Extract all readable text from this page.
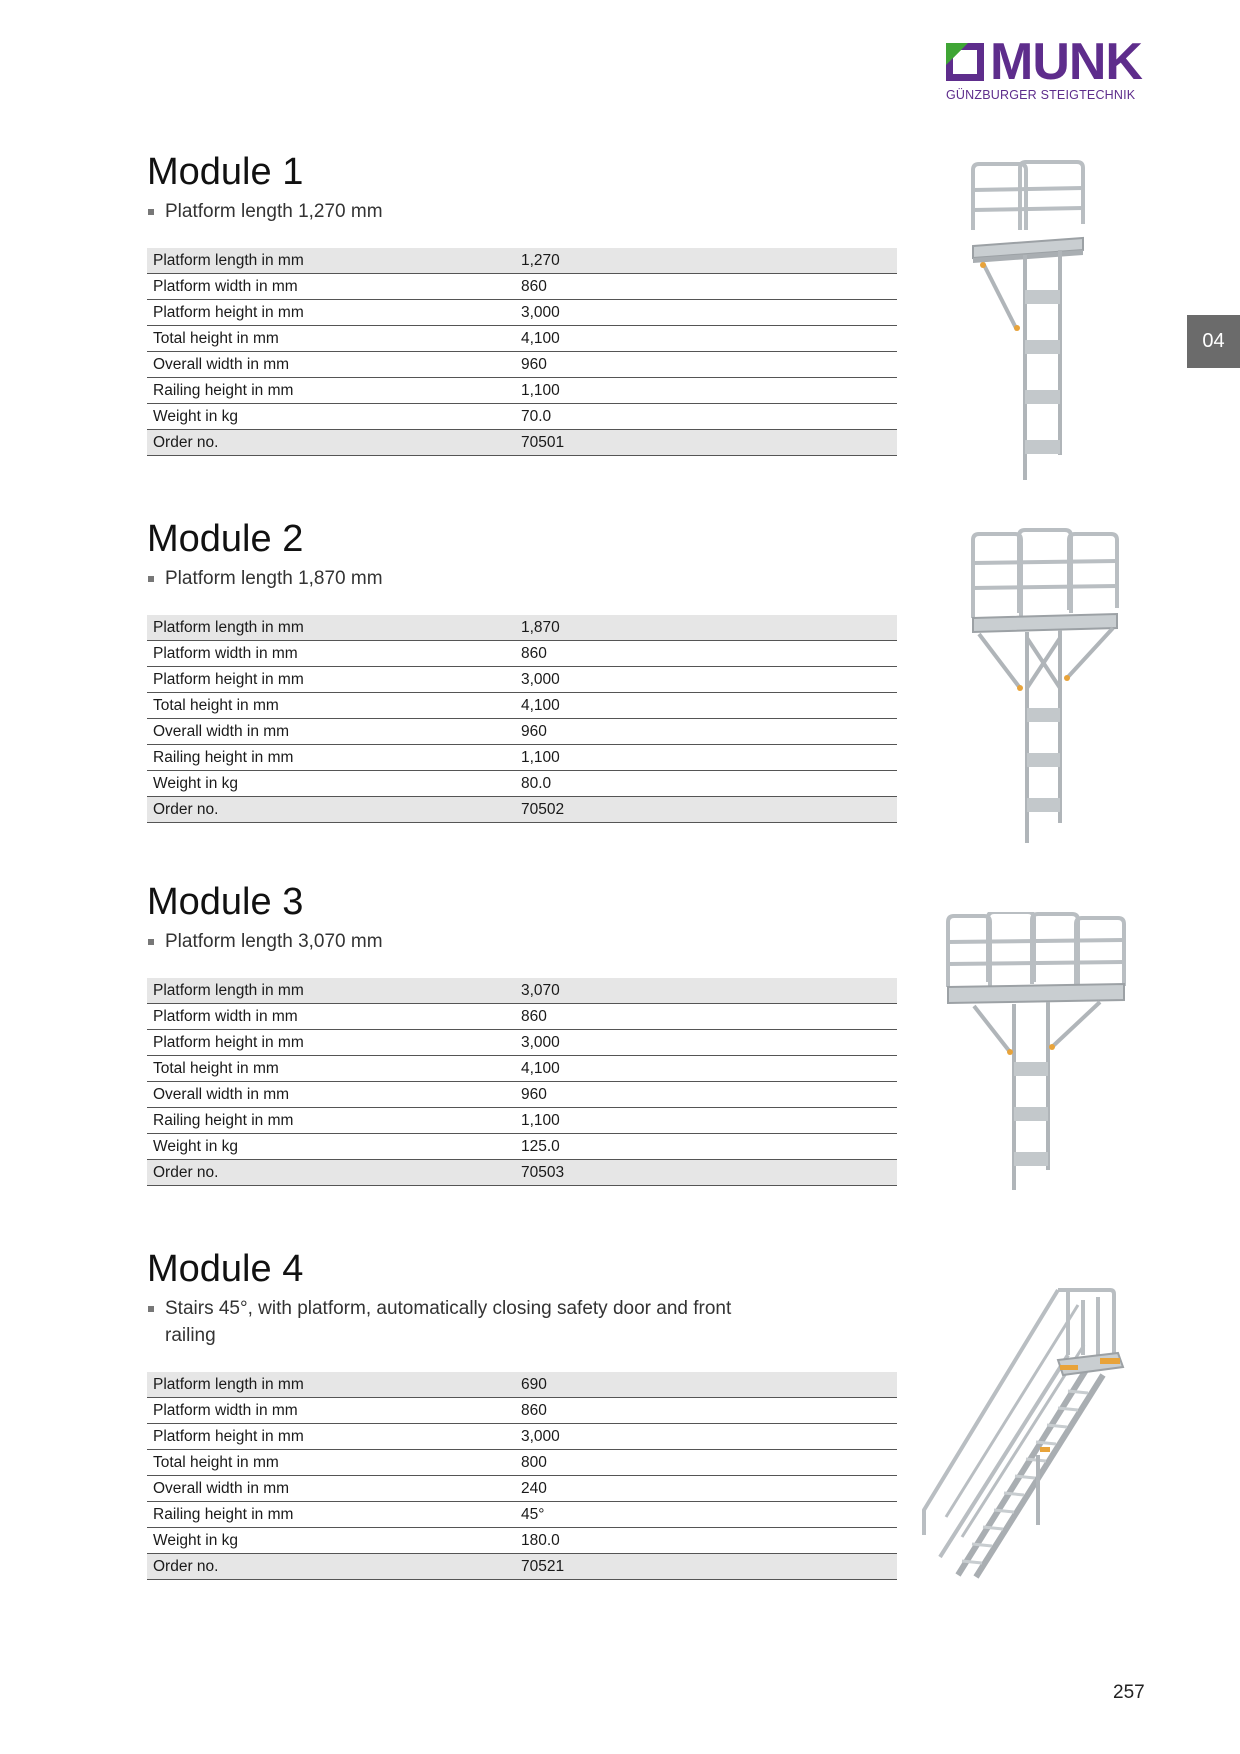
MUNK
GÜNZBURGER STEIGTECHNIK
04
Module 1
Platform length 1,270 mm
Platform length in mm	1,270
Platform width in mm	860
Platform height in mm	3,000
Total height in mm	4,100
Overall width in mm	960
Railing height in mm	1,100
Weight in kg	70.0
Order no.	70501
Module 2
Platform length 1,870 mm
Platform length in mm	1,870
Platform width in mm	860
Platform height in mm	3,000
Total height in mm	4,100
Overall width in mm	960
Railing height in mm	1,100
Weight in kg	80.0
Order no.	70502
Module 3
Platform length 3,070 mm
Platform length in mm	3,070
Platform width in mm	860
Platform height in mm	3,000
Total height in mm	4,100
Overall width in mm	960
Railing height in mm	1,100
Weight in kg	125.0
Order no.	70503
Module 4
Stairs 45°, with platform, automatically closing safety door and front railing
Platform length in mm	690
Platform width in mm	860
Platform height in mm	3,000
Total height in mm	800
Overall width in mm	240
Railing height in mm	45°
Weight in kg	180.0
Order no.	70521
257
